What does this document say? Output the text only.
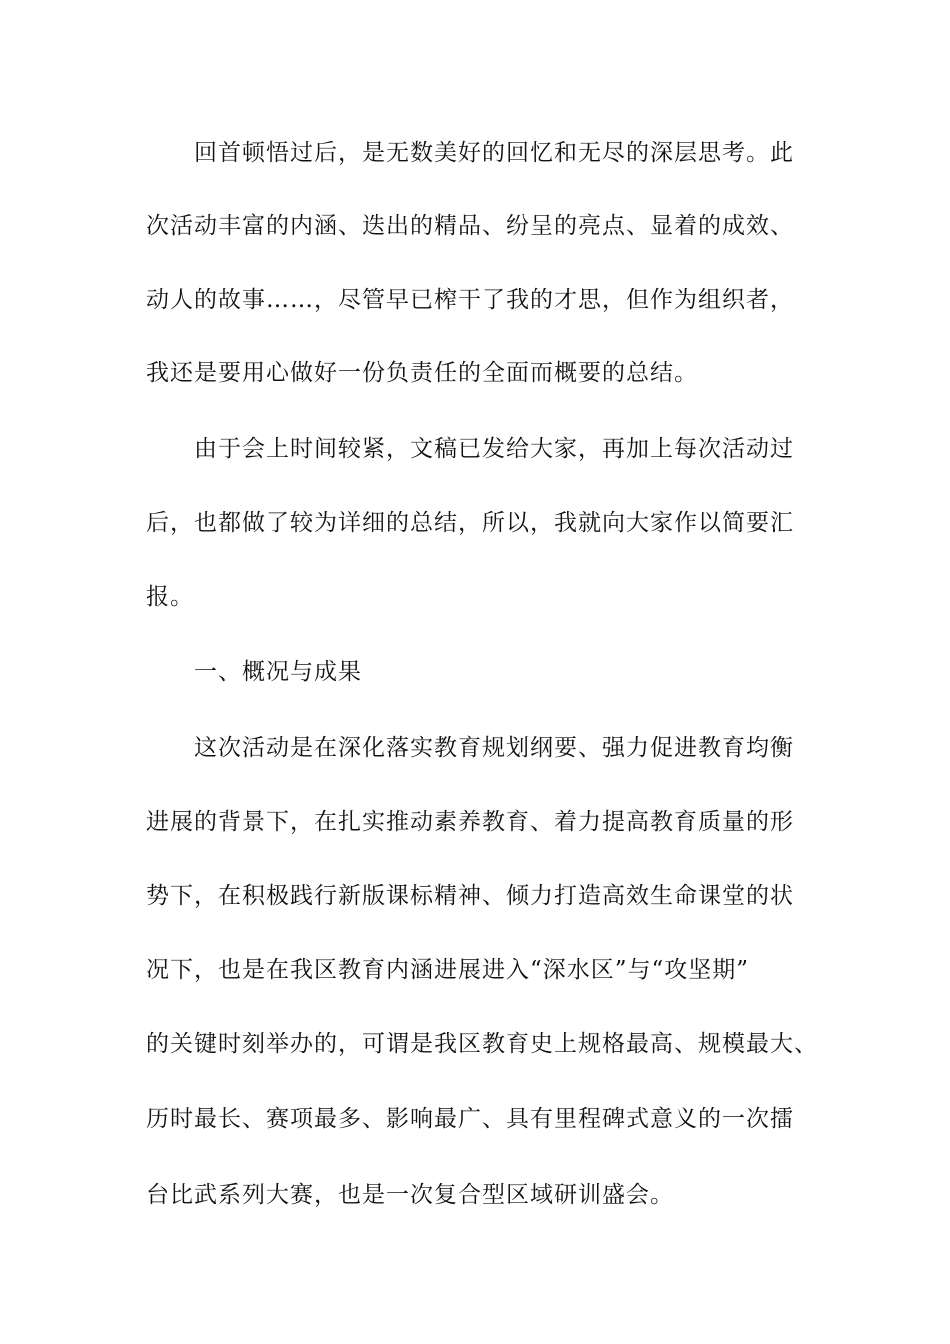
回首顿悟过后，是无数美好的回忆和无尽的深层思考。此
次活动丰富的内涵、迭出的精品、纷呈的亮点、显着的成效、
动人的故事……，尽管早已榨干了我的才思，但作为组织者，
我还是要用心做好一份负责任的全面而概要的总结。
由于会上时间较紧，文稿已发给大家，再加上每次活动过
后，也都做了较为详细的总结，所以，我就向大家作以简要汇
报。
一、概况与成果
这次活动是在深化落实教育规划纲要、强力促进教育均衡
进展的背景下，在扎实推动素养教育、着力提高教育质量的形
势下，在积极践行新版课标精神、倾力打造高效生命课堂的状
况下，也是在我区教育内涵进展进入“深水区”与“攻坚期”
的关键时刻举办的，可谓是我区教育史上规格最高、规模最大、
历时最长、赛项最多、影响最广、具有里程碑式意义的一次擂
台比武系列大赛，也是一次复合型区域研训盛会。
